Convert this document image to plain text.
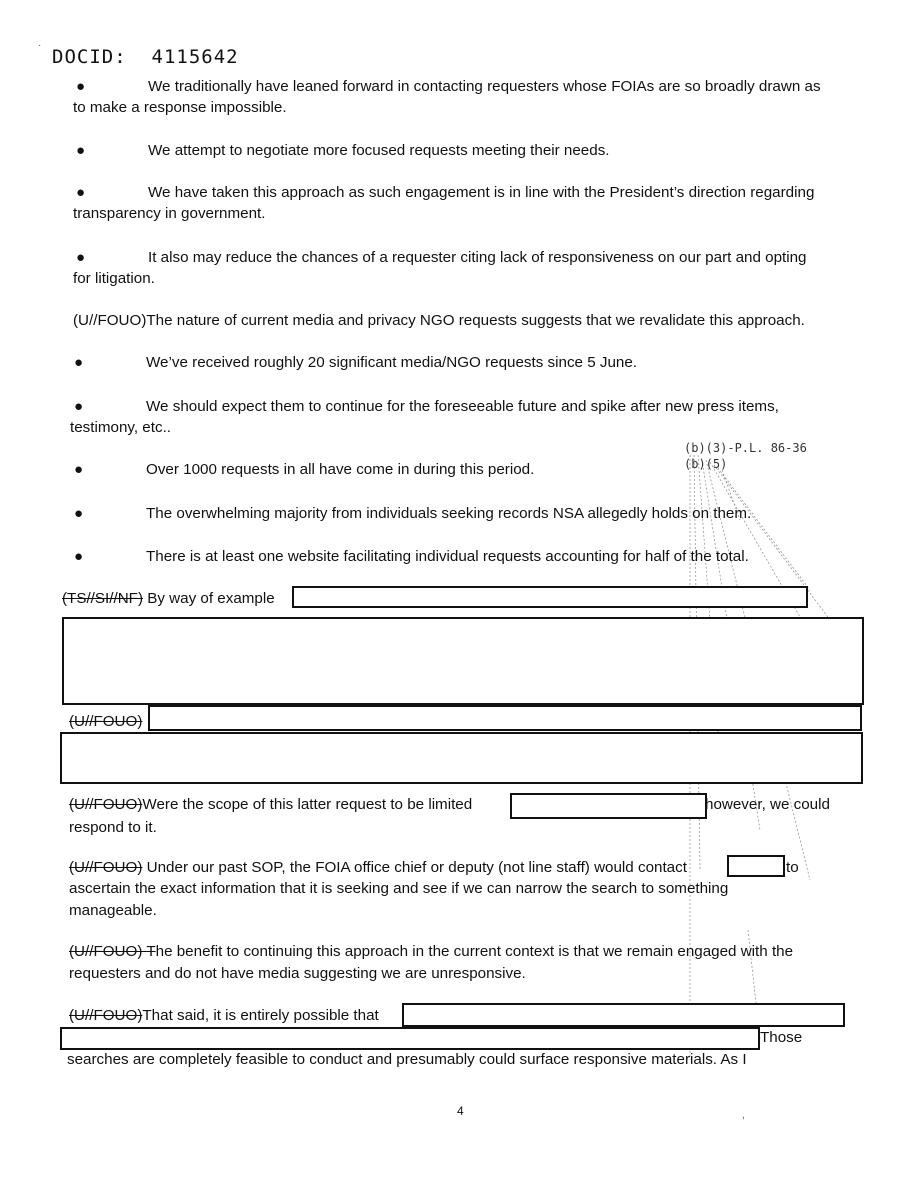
DOCID: 4115642
·
●	We traditionally have leaned forward in contacting requesters whose FOIAs are so broadly drawn as
to make a response impossible.
●	We attempt to negotiate more focused requests meeting their needs.
●	We have taken this approach as such engagement is in line with the President’s direction regarding
transparency in government.
●	It also may reduce the chances of a requester citing lack of responsiveness on our part and opting
for litigation.
(U//FOUO)The nature of current media and privacy NGO requests suggests that we revalidate this approach.
●	We’ve received roughly 20 significant media/NGO requests since 5 June.
●	We should expect them to continue for the foreseeable future and spike after new press items,
testimony, etc..
(b)(3)-P.L. 86-36
(b)(5)
●	Over 1000 requests in all have come in during this period.
●	The overwhelming majority from individuals seeking records NSA allegedly holds on them.
●	There is at least one website facilitating individual requests accounting for half of the total.
(TS//SI//NF) By way of example
(U//FOUO)
(U//FOUO)Were the scope of this latter request to be limited	however, we could
respond to it.
(U//FOUO) Under our past SOP, the FOIA office chief or deputy (not line staff) would contact	to
ascertain the exact information that it is seeking and see if we can narrow the search to something
manageable.
(U//FOUO) The benefit to continuing this approach in the current context is that we remain engaged with the
requesters and do not have media suggesting we are unresponsive.
(U//FOUO)That said, it is entirely possible that
Those
searches are completely feasible to conduct and presumably could surface responsive materials. As I
4	,
